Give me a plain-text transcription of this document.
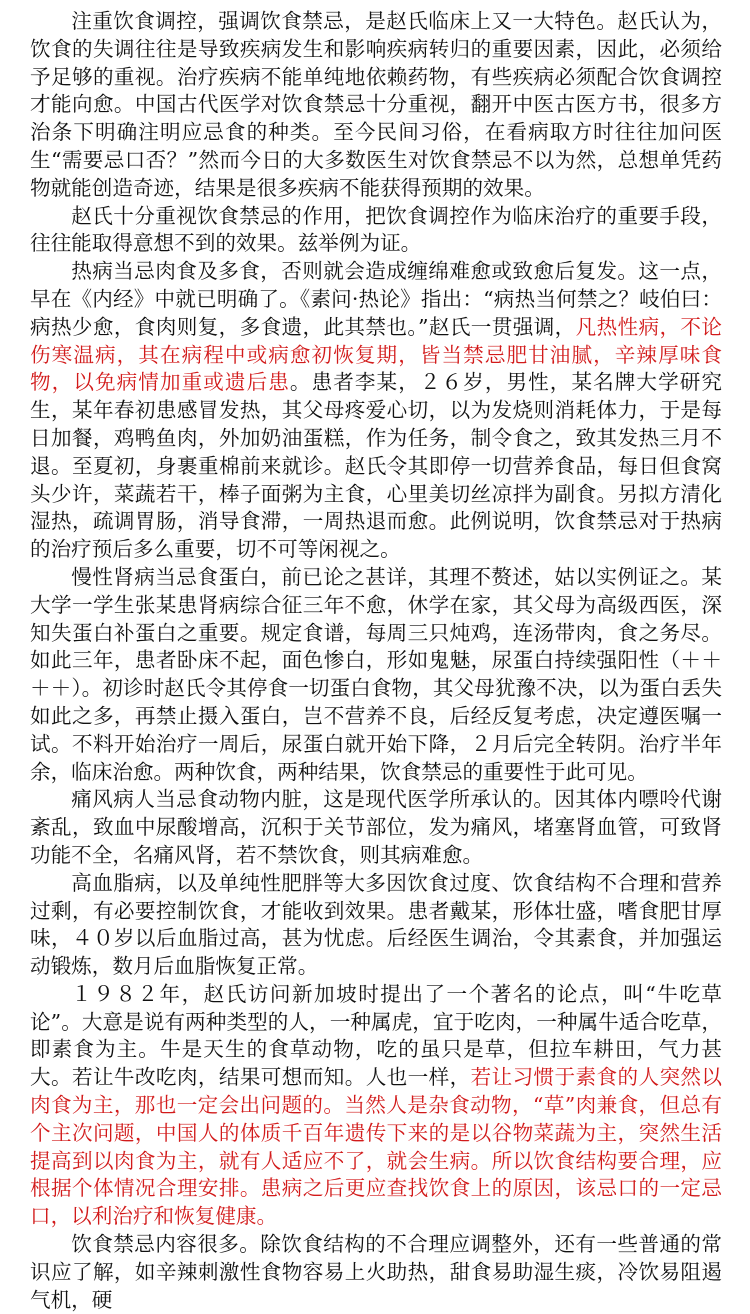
注重饮食调控，强调饮食禁忌，是赵氏临床上又一大特色。赵氏认为，饮食的失调往往是导致疾病发生和影响疾病转归的重要因素，因此，必须给予足够的重视。治疗疾病不能单纯地依赖药物，有些疾病必须配合饮食调控才能向愈。中国古代医学对饮食禁忌十分重视，翻开中医古医方书，很多方治条下明确注明应忌食的种类。至今民间习俗，在看病取方时往往加问医生“需要忌口否？”然而今日的大多数医生对饮食禁忌不以为然，总想单凭药物就能创造奇迹，结果是很多疾病不能获得预期的效果。

赵氏十分重视饮食禁忌的作用，把饮食调控作为临床治疗的重要手段，往往能取得意想不到的效果。兹举例为证。

热病当忌肉食及多食，否则就会造成缠绵难愈或致愈后复发。这一点，早在《内经》中就已明确了。《素问·热论》指出：“病热当何禁之？岐伯曰：病热少愈，食肉则复，多食遗，此其禁也。”赵氏一贯强调，凡热性病，不论伤寒温病，其在病程中或病愈初恢复期，皆当禁忌肥甘油腻，辛辣厚味食物，以免病情加重或遗后患。患者李某，２６岁，男性，某名牌大学研究生，某年春初患感冒发热，其父母疼爱心切，以为发烧则消耗体力，于是每日加餐，鸡鸭鱼肉，外加奶油蛋糕，作为任务，制令食之，致其发热三月不退。至夏初，身裹重棉前来就诊。赵氏令其即停一切营养食品，每日但食窝头少许，菜蔬若干，棒子面粥为主食，心里美切丝凉拌为副食。另拟方清化湿热，疏调胃肠，消导食滞，一周热退而愈。此例说明，饮食禁忌对于热病的治疗预后多么重要，切不可等闲视之。

慢性肾病当忌食蛋白，前已论之甚详，其理不赘述，姑以实例证之。某大学一学生张某患肾病综合征三年不愈，休学在家，其父母为高级西医，深知失蛋白补蛋白之重要。规定食谱，每周三只炖鸡，连汤带肉，食之务尽。如此三年，患者卧床不起，面色惨白，形如鬼魅，尿蛋白持续强阳性（＋＋＋＋）。初诊时赵氏令其停食一切蛋白食物，其父母犹豫不决，以为蛋白丢失如此之多，再禁止摄入蛋白，岂不营养不良，后经反复考虑，决定遵医嘱一试。不料开始治疗一周后，尿蛋白就开始下降，２月后完全转阴。治疗半年余，临床治愈。两种饮食，两种结果，饮食禁忌的重要性于此可见。

痛风病人当忌食动物内脏，这是现代医学所承认的。因其体内嘌呤代谢紊乱，致血中尿酸增高，沉积于关节部位，发为痛风，堵塞肾血管，可致肾功能不全，名痛风肾，若不禁饮食，则其病难愈。

高血脂病，以及单纯性肥胖等大多因饮食过度、饮食结构不合理和营养过剩，有必要控制饮食，才能收到效果。患者戴某，形体壮盛，嗜食肥甘厚味，４０岁以后血脂过高，甚为忧虑。后经医生调治，令其素食，并加强运动锻炼，数月后血脂恢复正常。

１９８２年，赵氏访问新加坡时提出了一个著名的论点，叫“牛吃草论”。大意是说有两种类型的人，一种属虎，宜于吃肉，一种属牛适合吃草，即素食为主。牛是天生的食草动物，吃的虽只是草，但拉车耕田，气力甚大。若让牛改吃肉，结果可想而知。人也一样，若让习惯于素食的人突然以肉食为主，那也一定会出问题的。当然人是杂食动物，“草”肉兼食，但总有个主次问题，中国人的体质千百年遗传下来的是以谷物菜蔬为主，突然生活提高到以肉食为主，就有人适应不了，就会生病。所以饮食结构要合理，应根据个体情况合理安排。患病之后更应查找饮食上的原因，该忌口的一定忌口，以利治疗和恢复健康。

饮食禁忌内容很多。除饮食结构的不合理应调整外，还有一些普通的常识应了解，如辛辣刺激性食物容易上火助热，甜食易助湿生痰，冷饮易阻遏气机，硬
